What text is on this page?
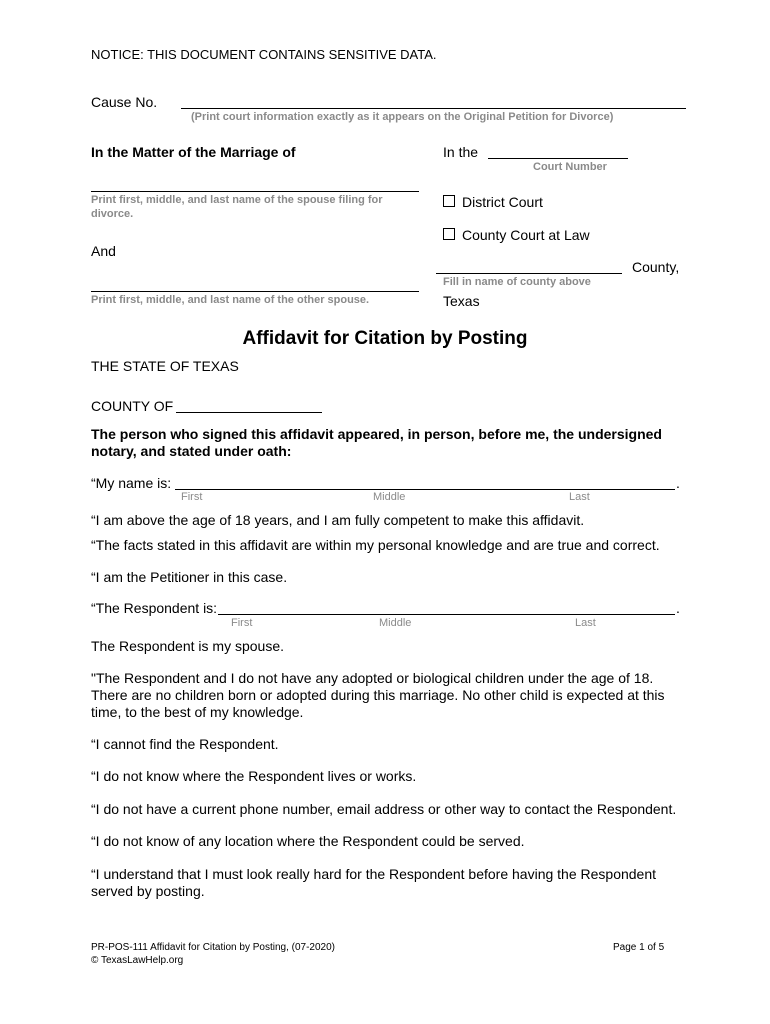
NOTICE: THIS DOCUMENT CONTAINS SENSITIVE DATA.
Cause No.
(Print court information exactly as it appears on the Original Petition for Divorce)
In the Matter of the Marriage of
Print first, middle, and last name of the spouse filing for
divorce.
And
Print first, middle, and last name of the other spouse.
In the
Court Number
District Court
County Court at Law
County,
Fill in name of county above
Texas
Affidavit for Citation by Posting
THE STATE OF TEXAS
COUNTY OF
The person who signed this affidavit appeared, in person, before me, the undersigned notary, and stated under oath:
“My name is:	.
First	Middle	Last
“I am above the age of 18 years, and I am fully competent to make this affidavit.
“The facts stated in this affidavit are within my personal knowledge and are true and correct.
“I am the Petitioner in this case.
“The Respondent is:	.
First	Middle	Last
The Respondent is my spouse.
"The Respondent and I do not have any adopted or biological children under the age of 18. There are no children born or adopted during this marriage. No other child is expected at this time, to the best of my knowledge.
“I cannot find the Respondent.
“I do not know where the Respondent lives or works.
“I do not have a current phone number, email address or other way to contact the Respondent.
“I do not know of any location where the Respondent could be served.
“I understand that I must look really hard for the Respondent before having the Respondent served by posting.
PR-POS-111 Affidavit for Citation by Posting, (07-2020)
© TexasLawHelp.org
Page 1 of 5
